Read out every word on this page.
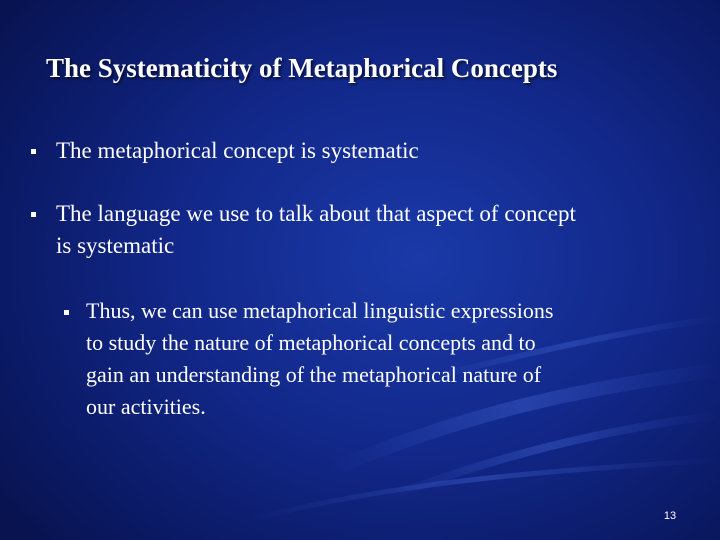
The Systematicity of Metaphorical Concepts
The metaphorical concept is systematic
The language we use to talk about that aspect of concept
is systematic
Thus, we can use metaphorical linguistic expressions
to study the nature of metaphorical concepts and to
gain an understanding of the metaphorical nature of
our activities.
13
